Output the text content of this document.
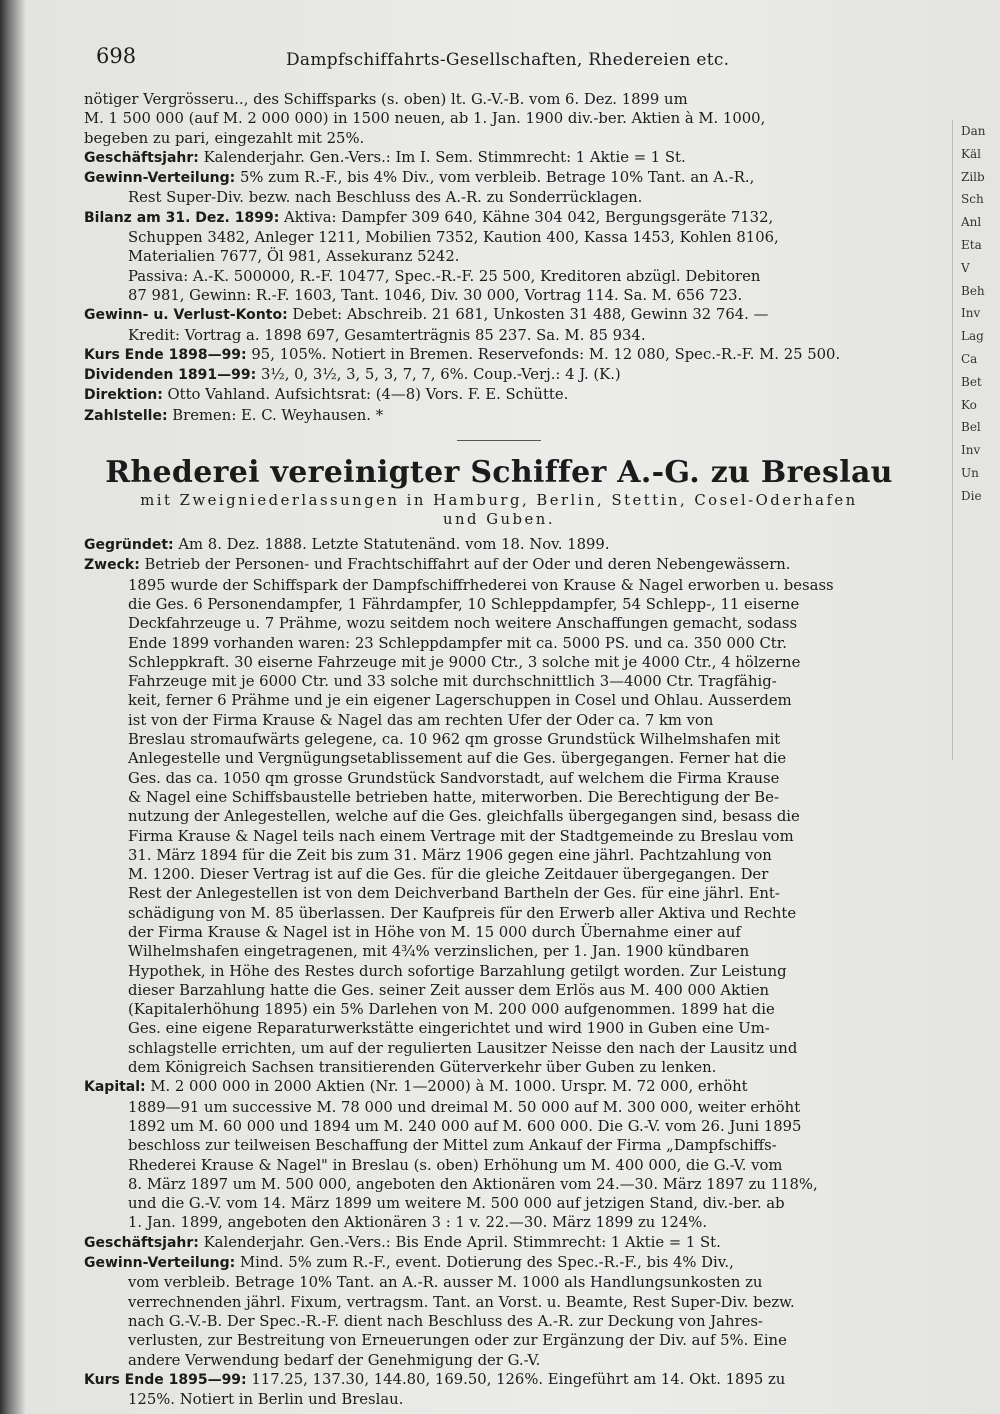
Dan
Käl
Zilb
Sch
Anl
Eta
V
Beh
Inv
Lag
Ca
Bet
Ko
Bel
Inv
Un
Die
698	Dampfschiffahrts-Gesellschaften, Rhedereien etc.

nötiger Vergrösseru.., des Schiffsparks (s. oben) lt. G.-V.-B. vom 6. Dez. 1899 um
M. 1 500 000 (auf M. 2 000 000) in 1500 neuen, ab 1. Jan. 1900 div.-ber. Aktien à M. 1000,
begeben zu pari, eingezahlt mit 25%.

Geschäftsjahr: Kalenderjahr. Gen.-Vers.: Im I. Sem. Stimmrecht: 1 Aktie = 1 St.

Gewinn-Verteilung: 5% zum R.-F., bis 4% Div., vom verbleib. Betrage 10% Tant. an A.-R.,
Rest Super-Div. bezw. nach Beschluss des A.-R. zu Sonderrücklagen.

Bilanz am 31. Dez. 1899: Aktiva: Dampfer 309 640, Kähne 304 042, Bergungsgeräte 7132,
Schuppen 3482, Anleger 1211, Mobilien 7352, Kaution 400, Kassa 1453, Kohlen 8106,
Materialien 7677, Öl 981, Assekuranz 5242.
Passiva: A.-K. 500000, R.-F. 10477, Spec.-R.-F. 25 500, Kreditoren abzügl. Debitoren
87 981, Gewinn: R.-F. 1603, Tant. 1046, Div. 30 000, Vortrag 114. Sa. M. 656 723.

Gewinn- u. Verlust-Konto: Debet: Abschreib. 21 681, Unkosten 31 488, Gewinn 32 764. —
Kredit: Vortrag a. 1898 697, Gesamterträgnis 85 237. Sa. M. 85 934.

Kurs Ende 1898—99: 95, 105%. Notiert in Bremen. Reservefonds: M. 12 080, Spec.-R.-F. M. 25 500.

Dividenden 1891—99: 3½, 0, 3½, 3, 5, 3, 7, 7, 6%. Coup.-Verj.: 4 J. (K.)

Direktion: Otto Vahland. Aufsichtsrat: (4—8) Vors. F. E. Schütte.

Zahlstelle: Bremen: E. C. Weyhausen. *

Rhederei vereinigter Schiffer A.-G. zu Breslau

mit Zweigniederlassungen in Hamburg, Berlin, Stettin, Cosel-Oderhafen
und Guben.

Gegründet: Am 8. Dez. 1888. Letzte Statutenänd. vom 18. Nov. 1899.

Zweck: Betrieb der Personen- und Frachtschiffahrt auf der Oder und deren Nebengewässern.
1895 wurde der Schiffspark der Dampfschiffrhederei von Krause & Nagel erworben u. besass
die Ges. 6 Personendampfer, 1 Fährdampfer, 10 Schleppdampfer, 54 Schlepp-, 11 eiserne
Deckfahrzeuge u. 7 Prähme, wozu seitdem noch weitere Anschaffungen gemacht, sodass
Ende 1899 vorhanden waren: 23 Schleppdampfer mit ca. 5000 PS. und ca. 350 000 Ctr.
Schleppkraft. 30 eiserne Fahrzeuge mit je 9000 Ctr., 3 solche mit je 4000 Ctr., 4 hölzerne
Fahrzeuge mit je 6000 Ctr. und 33 solche mit durchschnittlich 3—4000 Ctr. Tragfähig-
keit, ferner 6 Prähme und je ein eigener Lagerschuppen in Cosel und Ohlau. Ausserdem
ist von der Firma Krause & Nagel das am rechten Ufer der Oder ca. 7 km von
Breslau stromaufwärts gelegene, ca. 10 962 qm grosse Grundstück Wilhelmshafen mit
Anlegestelle und Vergnügungsetablissement auf die Ges. übergegangen. Ferner hat die
Ges. das ca. 1050 qm grosse Grundstück Sandvorstadt, auf welchem die Firma Krause
& Nagel eine Schiffsbaustelle betrieben hatte, miterworben. Die Berechtigung der Be-
nutzung der Anlegestellen, welche auf die Ges. gleichfalls übergegangen sind, besass die
Firma Krause & Nagel teils nach einem Vertrage mit der Stadtgemeinde zu Breslau vom
31. März 1894 für die Zeit bis zum 31. März 1906 gegen eine jährl. Pachtzahlung von
M. 1200. Dieser Vertrag ist auf die Ges. für die gleiche Zeitdauer übergegangen. Der
Rest der Anlegestellen ist von dem Deichverband Bartheln der Ges. für eine jährl. Ent-
schädigung von M. 85 überlassen. Der Kaufpreis für den Erwerb aller Aktiva und Rechte
der Firma Krause & Nagel ist in Höhe von M. 15 000 durch Übernahme einer auf
Wilhelmshafen eingetragenen, mit 4¾% verzinslichen, per 1. Jan. 1900 kündbaren
Hypothek, in Höhe des Restes durch sofortige Barzahlung getilgt worden. Zur Leistung
dieser Barzahlung hatte die Ges. seiner Zeit ausser dem Erlös aus M. 400 000 Aktien
(Kapitalerhöhung 1895) ein 5% Darlehen von M. 200 000 aufgenommen. 1899 hat die
Ges. eine eigene Reparaturwerkstätte eingerichtet und wird 1900 in Guben eine Um-
schlagstelle errichten, um auf der regulierten Lausitzer Neisse den nach der Lausitz und
dem Königreich Sachsen transitierenden Güterverkehr über Guben zu lenken.

Kapital: M. 2 000 000 in 2000 Aktien (Nr. 1—2000) à M. 1000. Urspr. M. 72 000, erhöht
1889—91 um successive M. 78 000 und dreimal M. 50 000 auf M. 300 000, weiter erhöht
1892 um M. 60 000 und 1894 um M. 240 000 auf M. 600 000. Die G.-V. vom 26. Juni 1895
beschloss zur teilweisen Beschaffung der Mittel zum Ankauf der Firma „Dampfschiffs-
Rhederei Krause & Nagel" in Breslau (s. oben) Erhöhung um M. 400 000, die G.-V. vom
8. März 1897 um M. 500 000, angeboten den Aktionären vom 24.—30. März 1897 zu 118%,
und die G.-V. vom 14. März 1899 um weitere M. 500 000 auf jetzigen Stand, div.-ber. ab
1. Jan. 1899, angeboten den Aktionären 3 : 1 v. 22.—30. März 1899 zu 124%.

Geschäftsjahr: Kalenderjahr. Gen.-Vers.: Bis Ende April. Stimmrecht: 1 Aktie = 1 St.

Gewinn-Verteilung: Mind. 5% zum R.-F., event. Dotierung des Spec.-R.-F., bis 4% Div.,
vom verbleib. Betrage 10% Tant. an A.-R. ausser M. 1000 als Handlungsunkosten zu
verrechnenden jährl. Fixum, vertragsm. Tant. an Vorst. u. Beamte, Rest Super-Div. bezw.
nach G.-V.-B. Der Spec.-R.-F. dient nach Beschluss des A.-R. zur Deckung von Jahres-
verlusten, zur Bestreitung von Erneuerungen oder zur Ergänzung der Div. auf 5%. Eine
andere Verwendung bedarf der Genehmigung der G.-V.

Kurs Ende 1895—99: 117.25, 137.30, 144.80, 169.50, 126%. Eingeführt am 14. Okt. 1895 zu
125%. Notiert in Berlin und Breslau.
